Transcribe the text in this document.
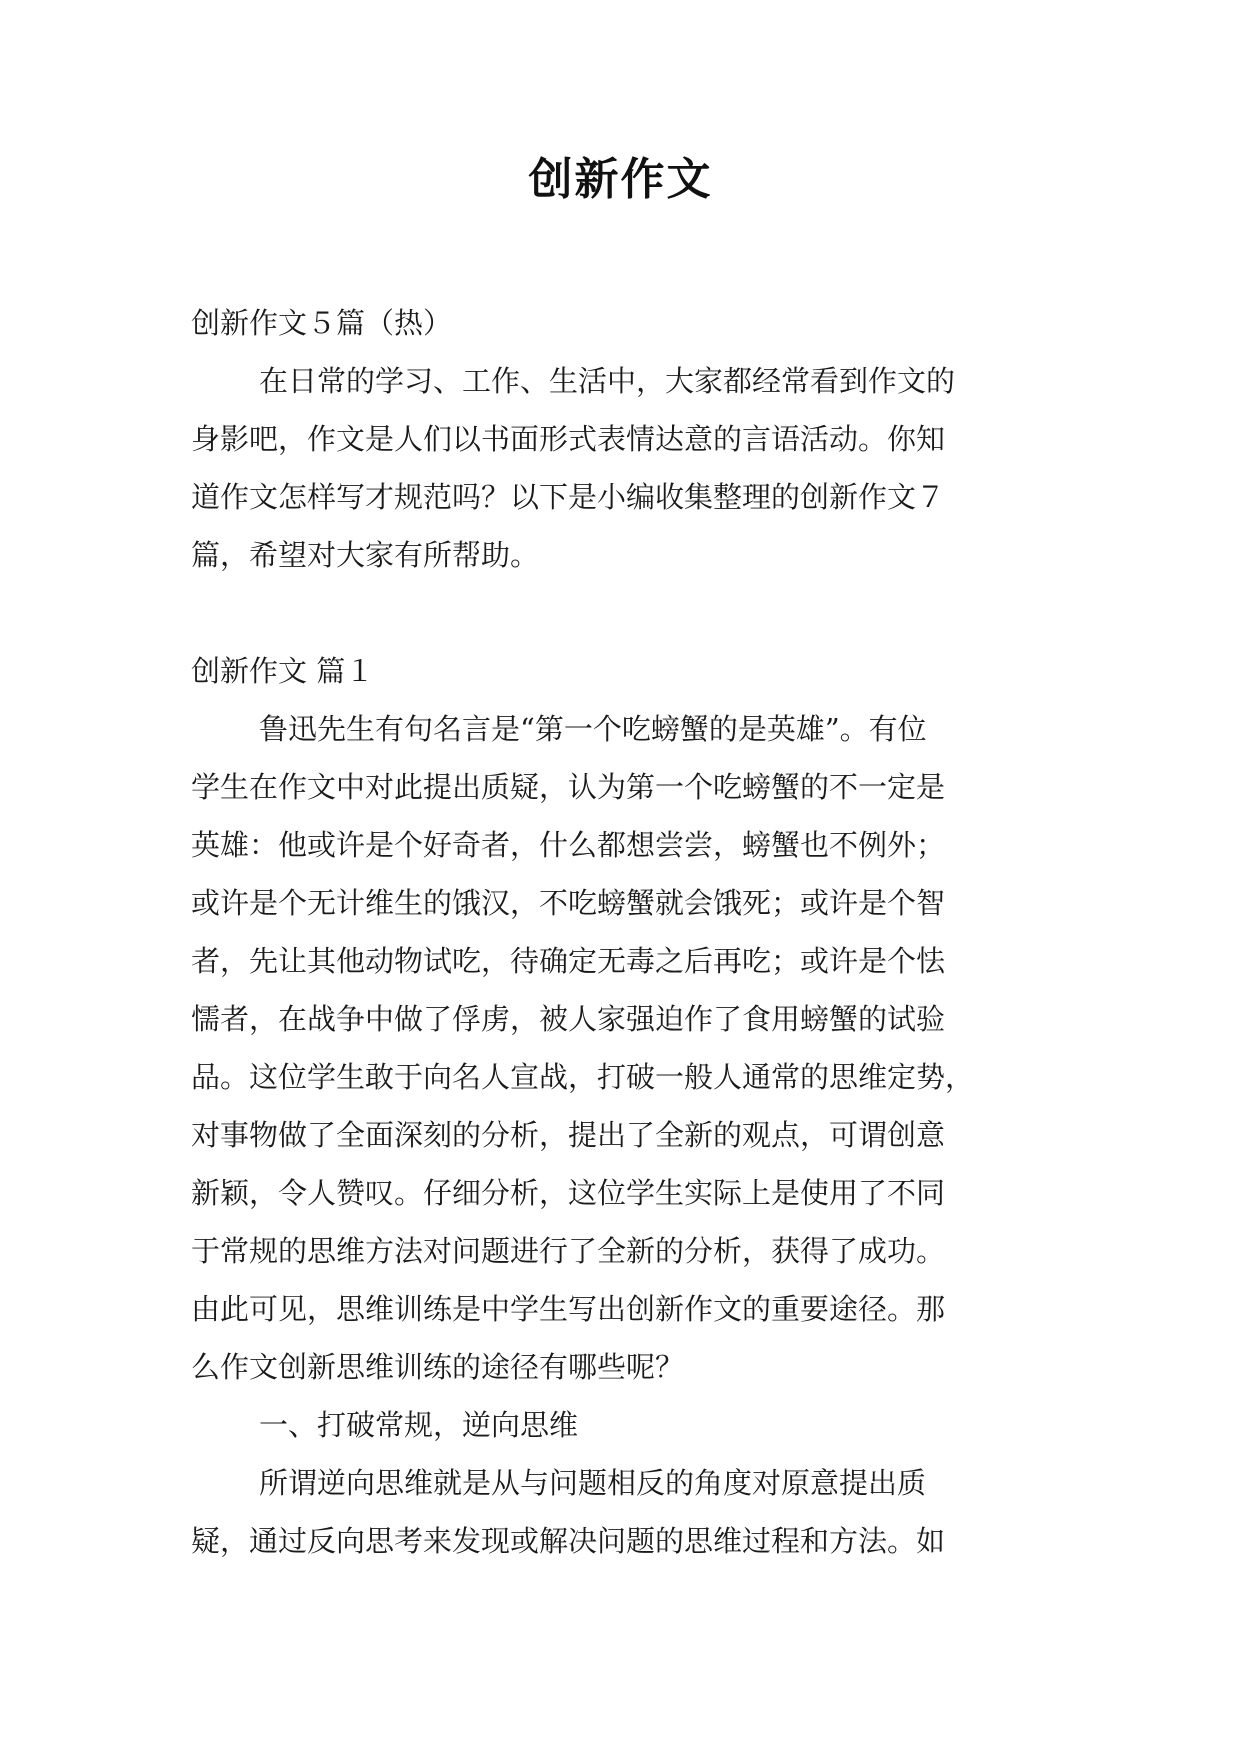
创新作文
创新作文５篇（热）
在日常的学习、工作、生活中，大家都经常看到作文的
身影吧，作文是人们以书面形式表情达意的言语活动。你知
道作文怎样写才规范吗？以下是小编收集整理的创新作文７
篇，希望对大家有所帮助。
创新作文 篇１
鲁迅先生有句名言是“第一个吃螃蟹的是英雄”。有位
学生在作文中对此提出质疑，认为第一个吃螃蟹的不一定是
英雄：他或许是个好奇者，什么都想尝尝，螃蟹也不例外；
或许是个无计维生的饿汉，不吃螃蟹就会饿死；或许是个智
者，先让其他动物试吃，待确定无毒之后再吃；或许是个怯
懦者，在战争中做了俘虏，被人家强迫作了食用螃蟹的试验
品。这位学生敢于向名人宣战，打破一般人通常的思维定势，
对事物做了全面深刻的分析，提出了全新的观点，可谓创意
新颖，令人赞叹。仔细分析，这位学生实际上是使用了不同
于常规的思维方法对问题进行了全新的分析，获得了成功。
由此可见，思维训练是中学生写出创新作文的重要途径。那
么作文创新思维训练的途径有哪些呢？
一、打破常规，逆向思维
所谓逆向思维就是从与问题相反的角度对原意提出质
疑，通过反向思考来发现或解决问题的思维过程和方法。如
